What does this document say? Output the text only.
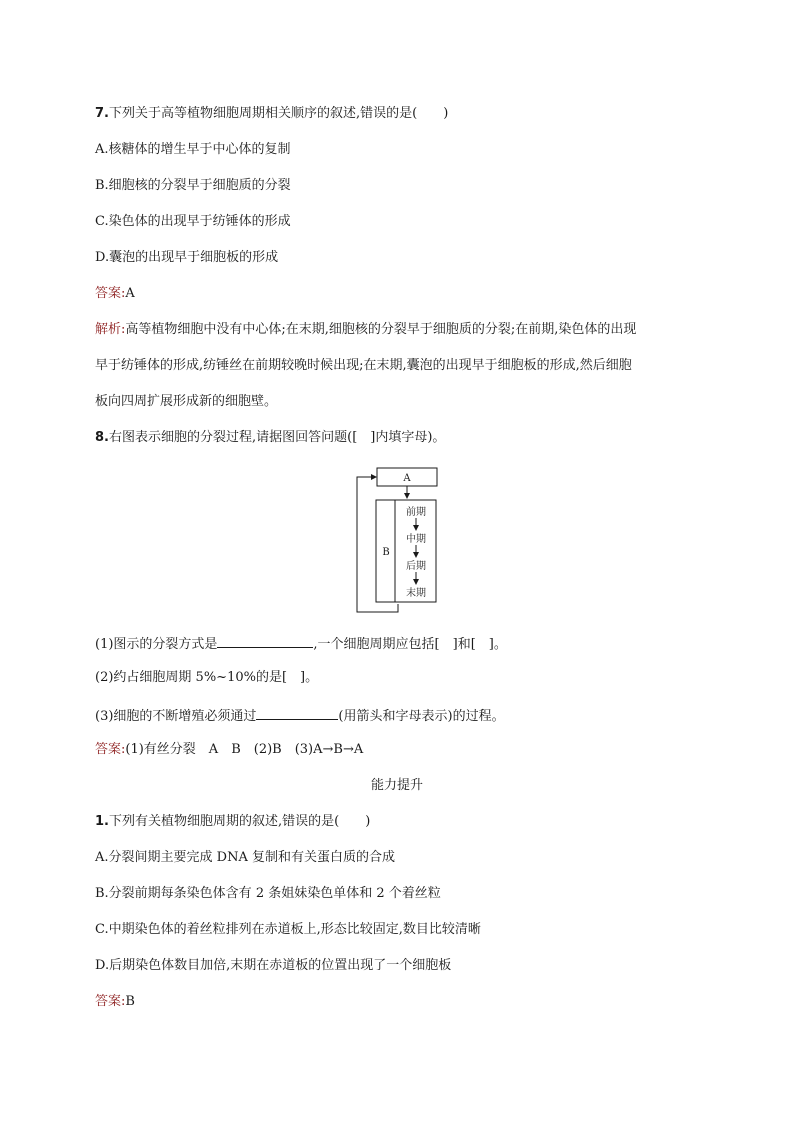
7.下列关于高等植物细胞周期相关顺序的叙述,错误的是(　　)
A.核糖体的增生早于中心体的复制
B.细胞核的分裂早于细胞质的分裂
C.染色体的出现早于纺锤体的形成
D.囊泡的出现早于细胞板的形成
答案:A
解析:高等植物细胞中没有中心体;在末期,细胞核的分裂早于细胞质的分裂;在前期,染色体的出现
早于纺锤体的形成,纺锤丝在前期较晚时候出现;在末期,囊泡的出现早于细胞板的形成,然后细胞
板向四周扩展形成新的细胞壁。
8.右图表示细胞的分裂过程,请据图回答问题([　]内填字母)。
A
B
前期
中期
后期
末期
(1)图示的分裂方式是	,一个细胞周期应包括[　]和[　]。
(2)约占细胞周期 5%~10%的是[　]。
(3)细胞的不断增殖必须通过	(用箭头和字母表示)的过程。
答案:(1)有丝分裂　A　B　(2)B　(3)A→B→A
能力提升
1.下列有关植物细胞周期的叙述,错误的是(　　)
A.分裂间期主要完成 DNA 复制和有关蛋白质的合成
B.分裂前期每条染色体含有 2 条姐妹染色单体和 2 个着丝粒
C.中期染色体的着丝粒排列在赤道板上,形态比较固定,数目比较清晰
D.后期染色体数目加倍,末期在赤道板的位置出现了一个细胞板
答案:B
